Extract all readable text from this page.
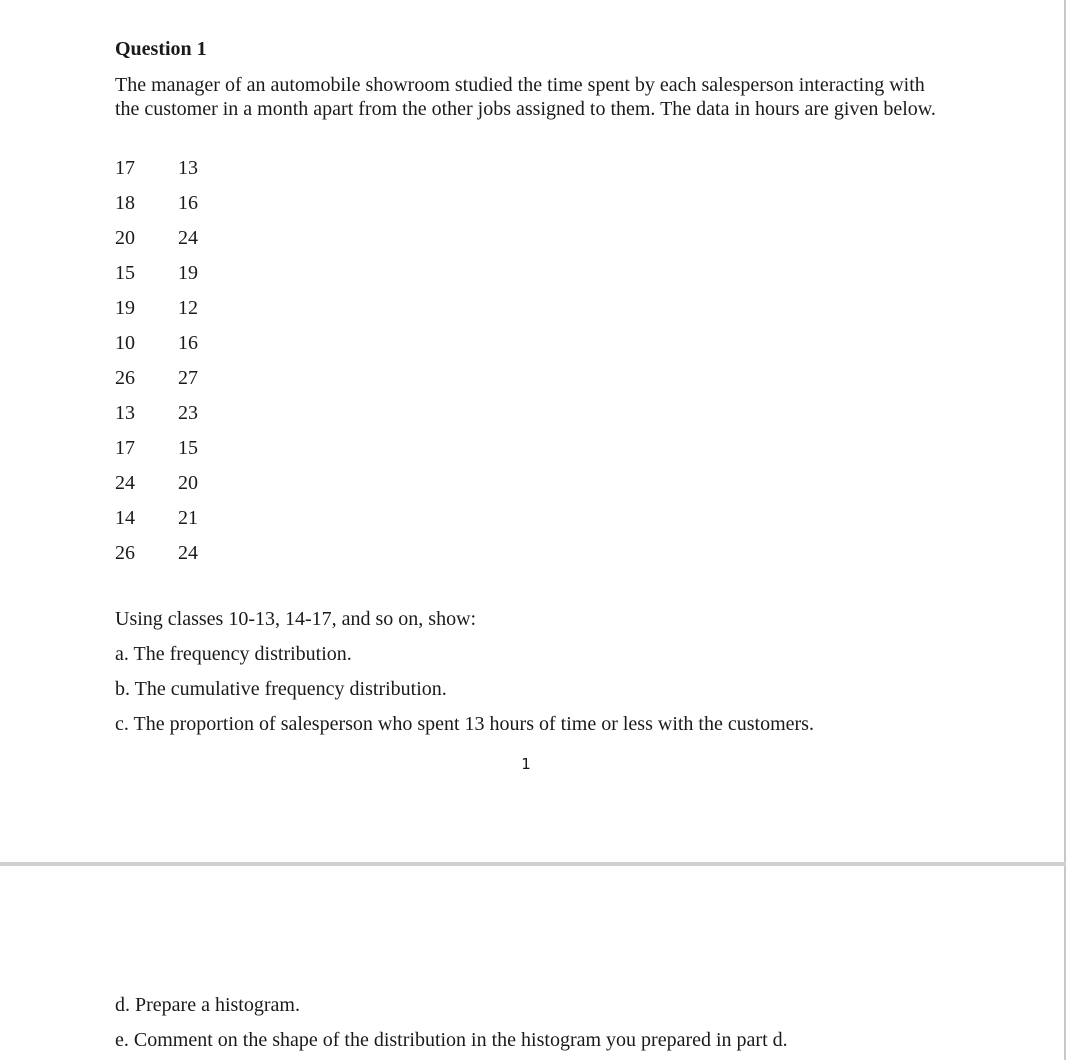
Question 1

The manager of an automobile showroom studied the time spent by each salesperson interacting with the customer in a month apart from the other jobs assigned to them. The data in hours are given below.

17	13
18	16
20	24
15	19
19	12
10	16
26	27
13	23
17	15
24	20
14	21
26	24

Using classes 10-13, 14-17, and so on, show:

a. The frequency distribution.

b. The cumulative frequency distribution.

c. The proportion of salesperson who spent 13 hours of time or less with the customers.

1

d. Prepare a histogram.

e. Comment on the shape of the distribution in the histogram you prepared in part d.
